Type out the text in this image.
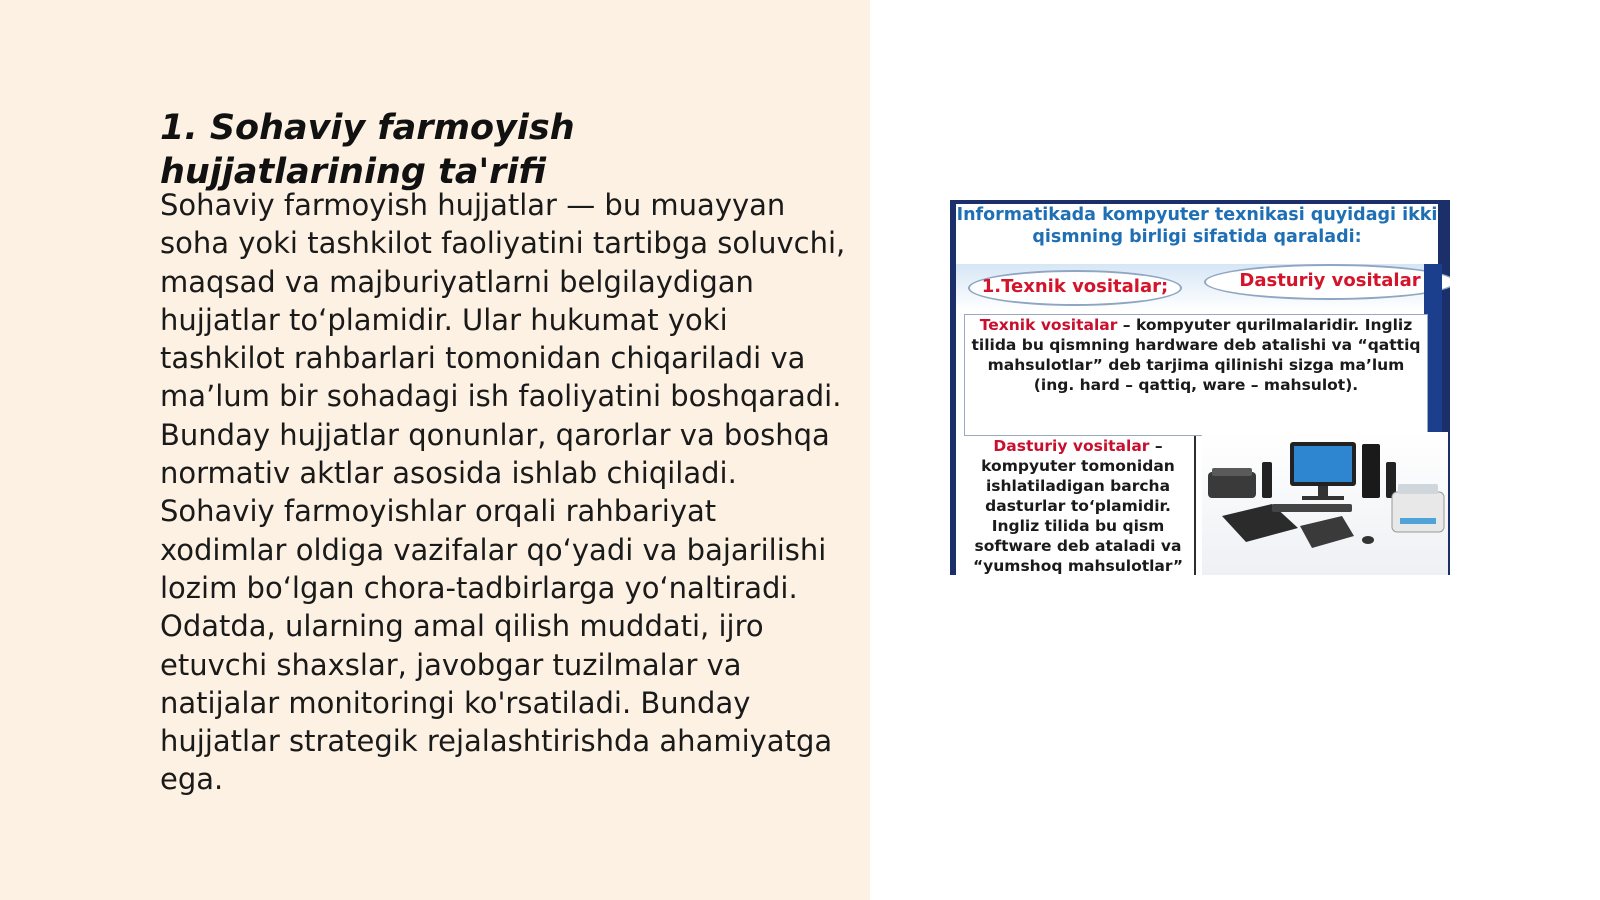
1. Sohaviy farmoyish hujjatlarining ta'rifi

Sohaviy farmoyish hujjatlar — bu muayyan soha yoki tashkilot faoliyatini tartibga soluvchi, maqsad va majburiyatlarni belgilaydigan hujjatlar to‘plamidir. Ular hukumat yoki tashkilot rahbarlari tomonidan chiqariladi va ma’lum bir sohadagi ish faoliyatini boshqaradi. Bunday hujjatlar qonunlar, qarorlar va boshqa normativ aktlar asosida ishlab chiqiladi. Sohaviy farmoyishlar orqali rahbariyat xodimlar oldiga vazifalar qo‘yadi va bajarilishi lozim bo‘lgan chora-tadbirlarga yo‘naltiradi. Odatda, ularning amal qilish muddati, ijro etuvchi shaxslar, javobgar tuzilmalar va natijalar monitoringi ko'rsatiladi. Bunday hujjatlar strategik rejalashtirishda ahamiyatga ega.

Informatikada kompyuter texnikasi quyidagi ikki qismning birligi sifatida qaraladi:
1.Texnik vositalar;	Dasturiy vositalar
Texnik vositalar – kompyuter qurilmalaridir. Ingliz tilida bu qismning hardware deb atalishi va “qattiq mahsulotlar” deb tarjima qilinishi sizga ma’lum (ing. hard – qattiq, ware – mahsulot).
Dasturiy vositalar – kompyuter tomonidan ishlatiladigan barcha dasturlar to‘plamidir. Ingliz tilida bu qism software deb ataladi va “yumshoq mahsulotlar”
